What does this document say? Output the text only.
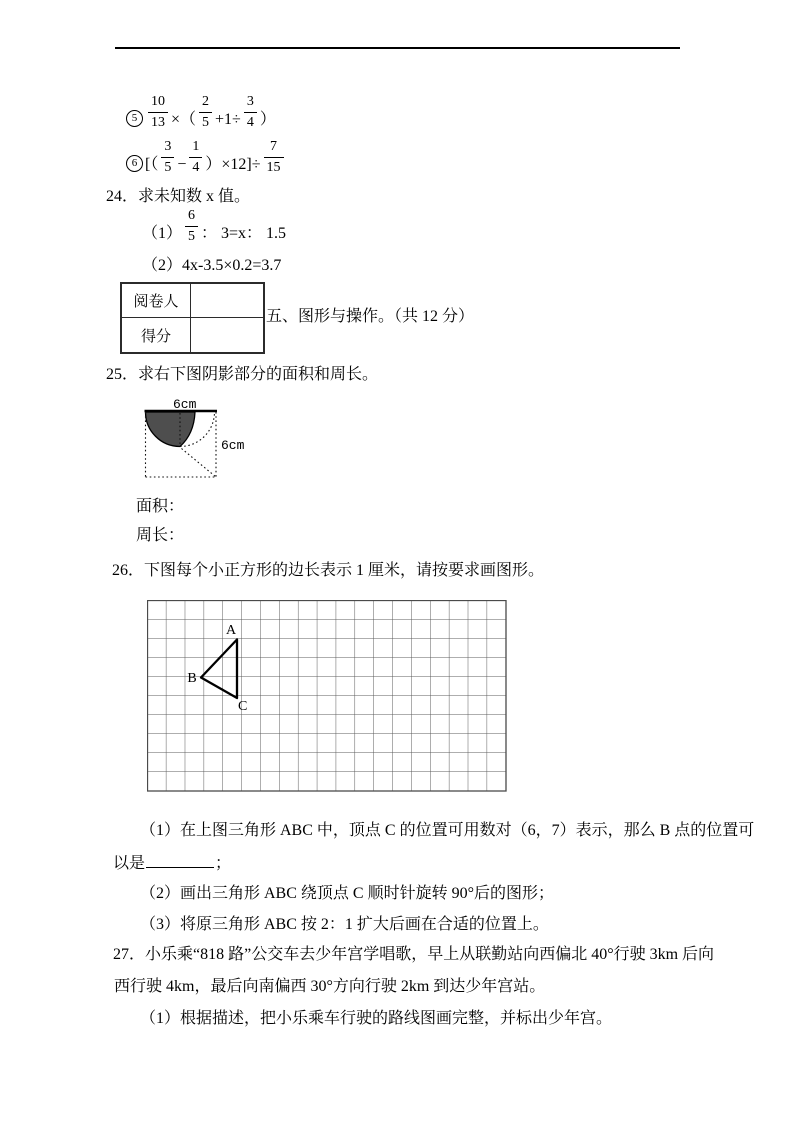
$5 \frac{10}{13}$ ×（ $\frac{2}{5} +1\div \frac{3}{4}$ ）
6 [（ $\frac{3}{5} - \frac{1}{4} )\times 12]\div \frac{7}{15}$
24．求未知数 x 值。
$(1) \frac{6}{5}$ ： 3=x： 1.5
（2）4x-3.5×0.2=3.7
阅卷人
得分
五、图形与操作。（共 12 分）
25．求右下图阴影部分的面积和周长。
6cm
6cm
面积：
周长：
26．下图每个小正方形的边长表示 1 厘米，请按要求画图形。
A
B
C
（1）在上图三角形 ABC 中，顶点 C 的位置可用数对（6，7）表示，那么 B 点的位置可
以是	；
（2）画出三角形 ABC 绕顶点 C 顺时针旋转 90°后的图形；
（3）将原三角形 ABC 按 2：1 扩大后画在合适的位置上。
27．小乐乘“818 路”公交车去少年宫学唱歌，早上从联勤站向西偏北 40°行驶 3km 后向
西行驶 4km，最后向南偏西 30°方向行驶 2km 到达少年宫站。
（1）根据描述，把小乐乘车行驶的路线图画完整，并标出少年宫。
